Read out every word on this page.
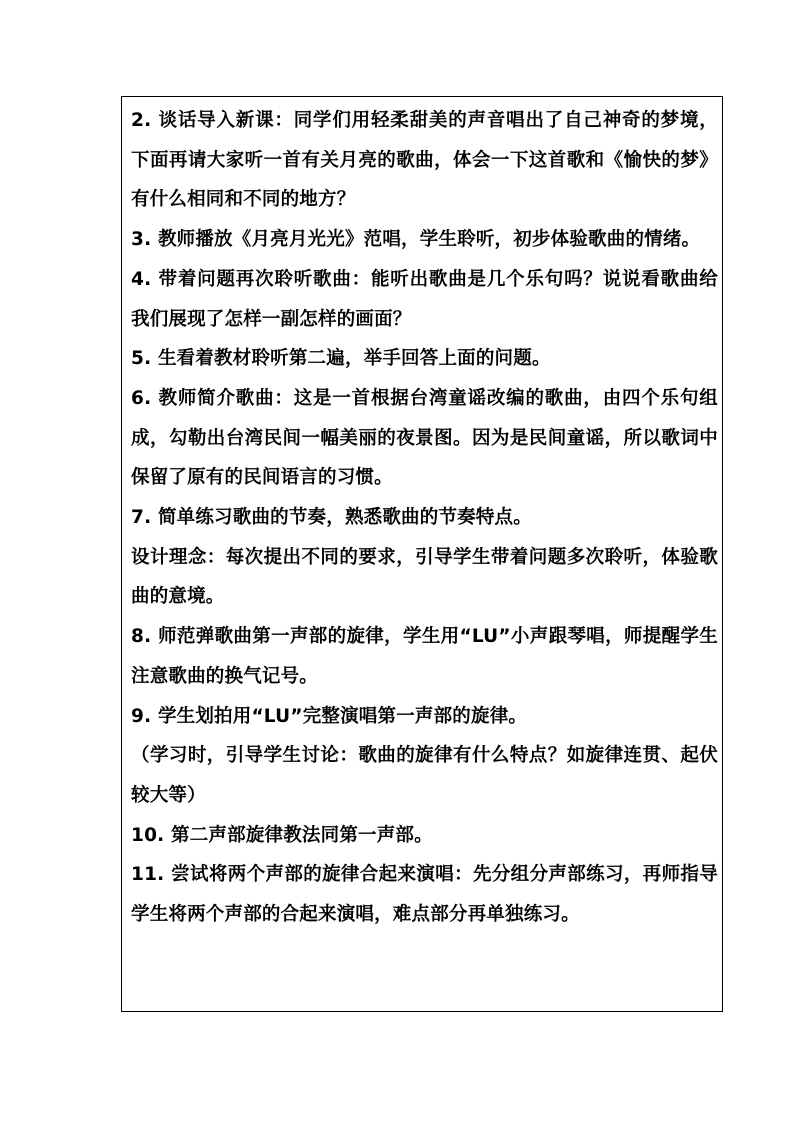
2. 谈话导入新课：同学们用轻柔甜美的声音唱出了自己神奇的梦境，下面再请大家听一首有关月亮的歌曲，体会一下这首歌和《愉快的梦》有什么相同和不同的地方？

3. 教师播放《月亮月光光》范唱，学生聆听，初步体验歌曲的情绪。

4. 带着问题再次聆听歌曲：能听出歌曲是几个乐句吗？说说看歌曲给我们展现了怎样一副怎样的画面？

5. 生看着教材聆听第二遍，举手回答上面的问题。

6. 教师简介歌曲：这是一首根据台湾童谣改编的歌曲，由四个乐句组成，勾勒出台湾民间一幅美丽的夜景图。因为是民间童谣，所以歌词中保留了原有的民间语言的习惯。

7. 简单练习歌曲的节奏，熟悉歌曲的节奏特点。

设计理念：每次提出不同的要求，引导学生带着问题多次聆听，体验歌曲的意境。

8. 师范弹歌曲第一声部的旋律，学生用“LU”小声跟琴唱，师提醒学生注意歌曲的换气记号。

9. 学生划拍用“LU”完整演唱第一声部的旋律。

（学习时，引导学生讨论：歌曲的旋律有什么特点？如旋律连贯、起伏较大等）

10. 第二声部旋律教法同第一声部。

11. 尝试将两个声部的旋律合起来演唱：先分组分声部练习，再师指导学生将两个声部的合起来演唱，难点部分再单独练习。
